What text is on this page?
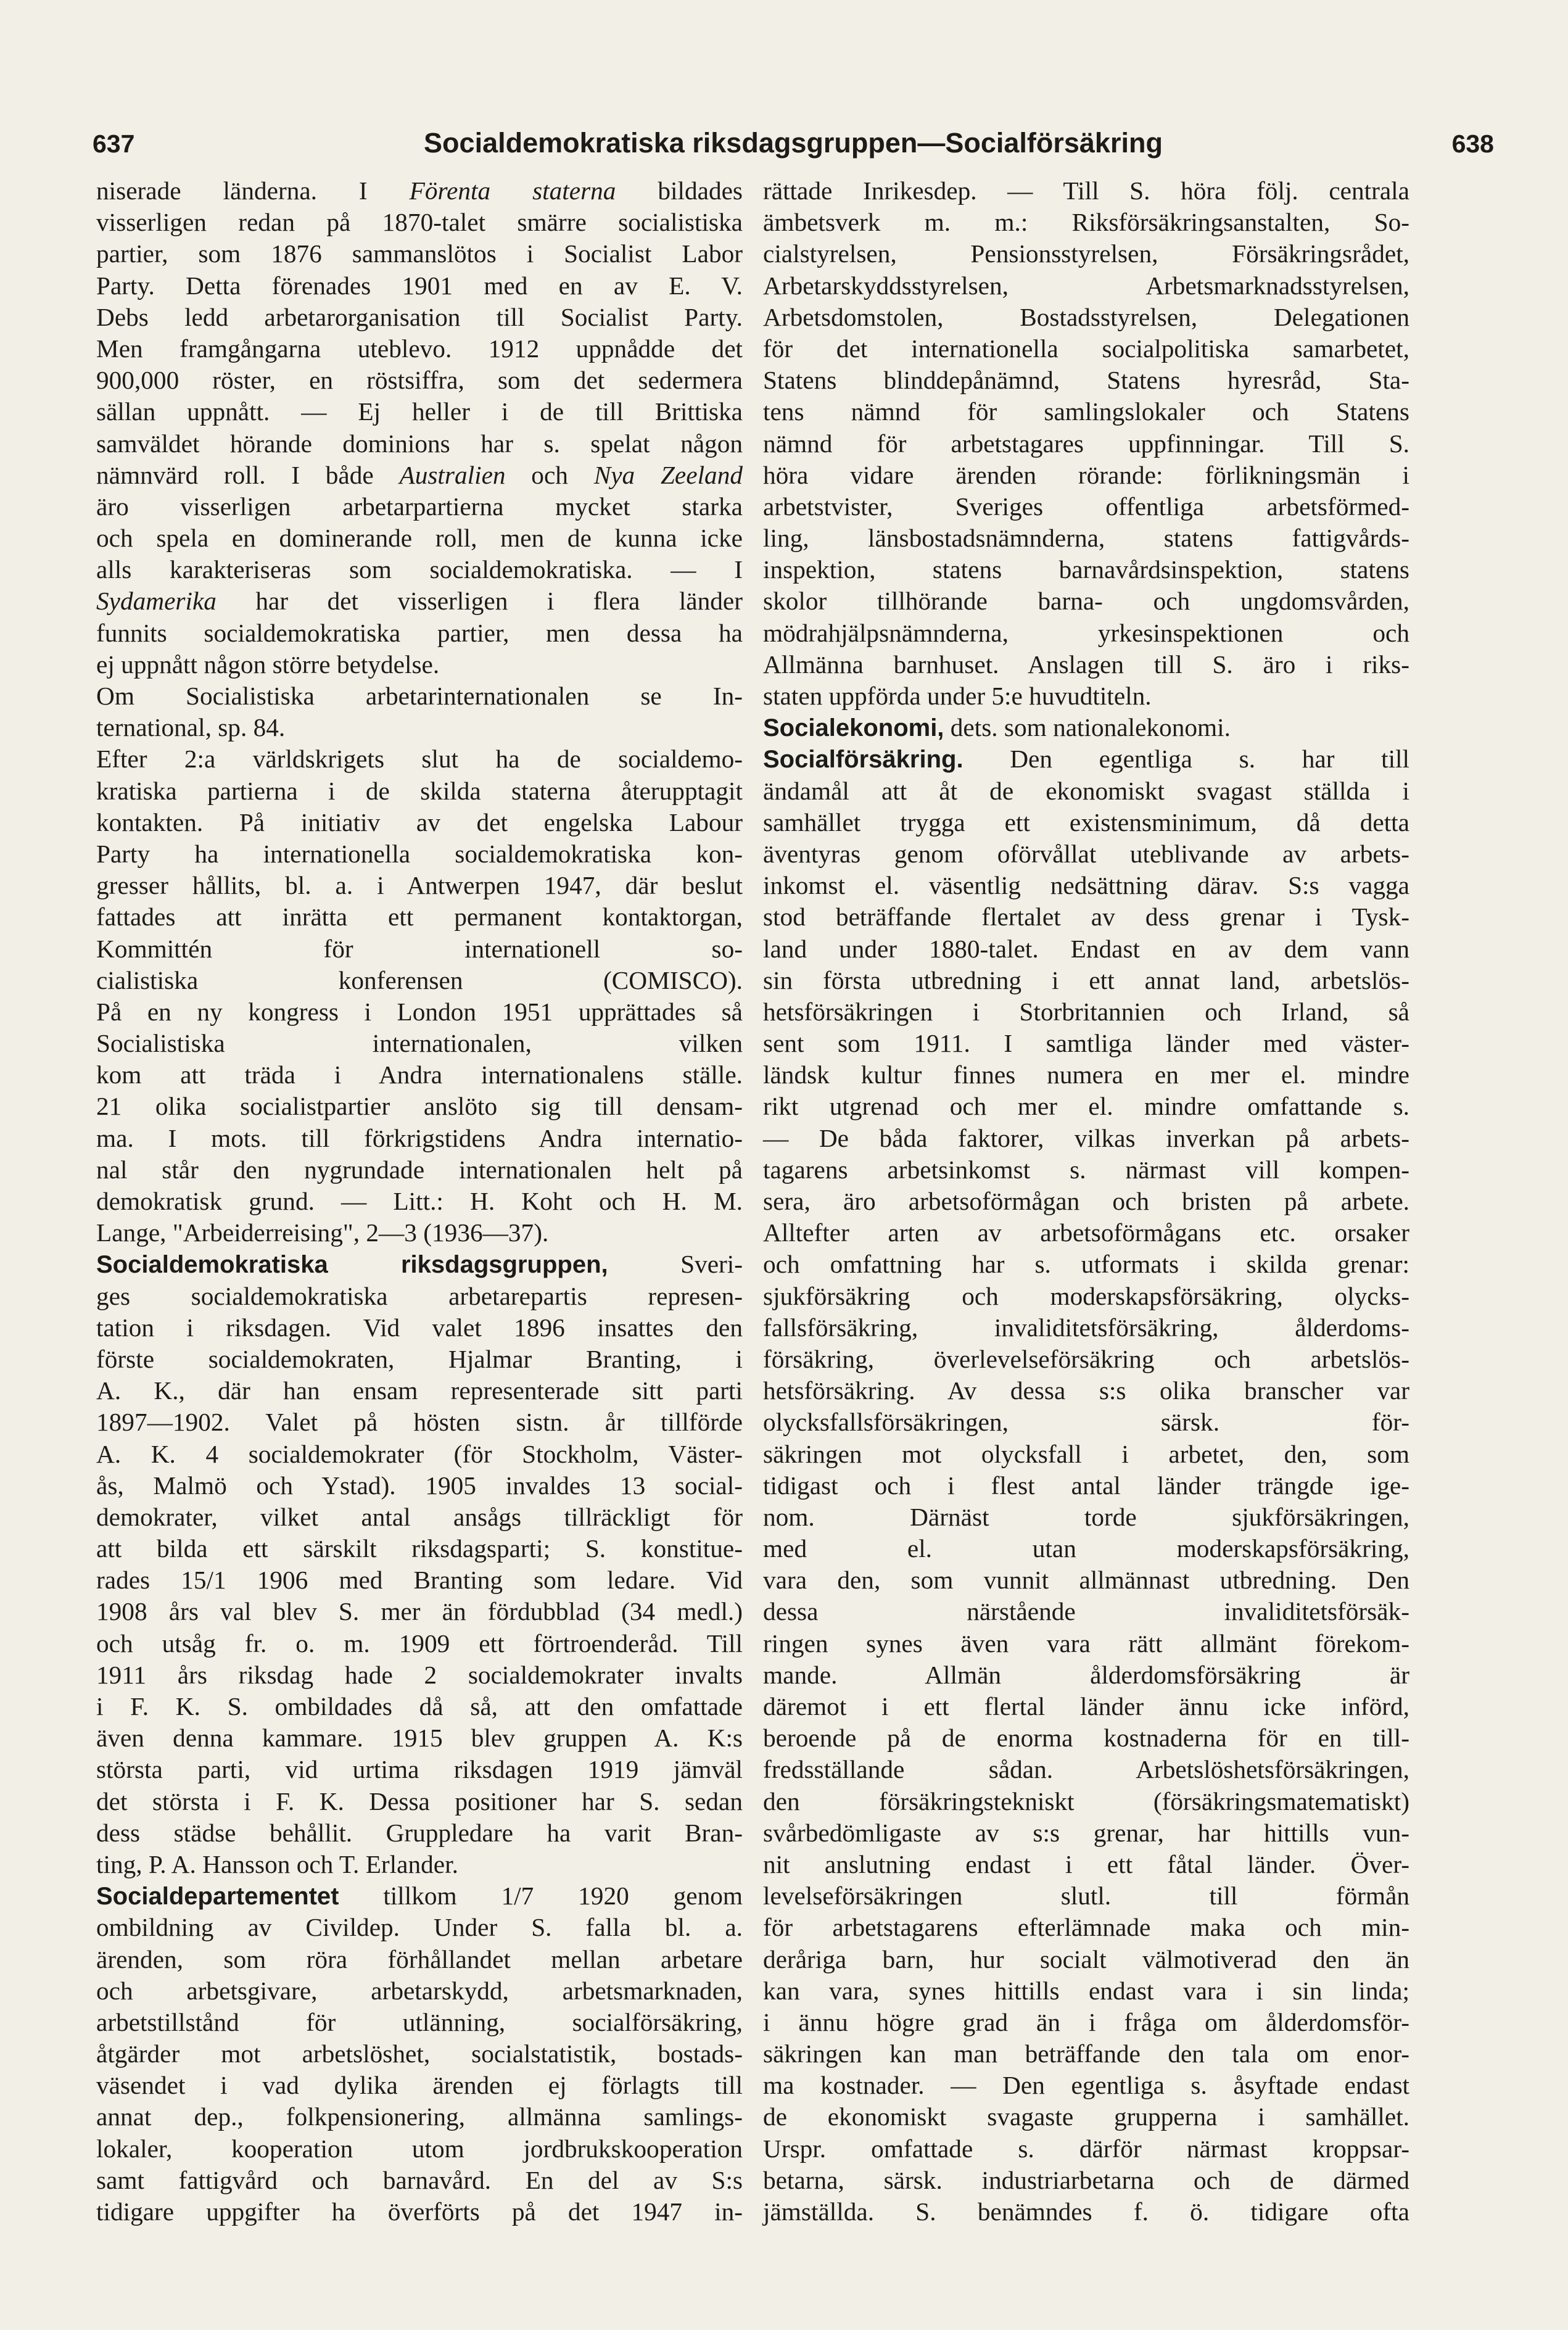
637	Socialdemokratiska riksdagsgruppen—Socialförsäkring	638
niserade länderna. I Förenta staterna bildades
visserligen redan på 1870-talet smärre socialistiska
partier, som 1876 sammanslötos i Socialist Labor
Party. Detta förenades 1901 med en av E. V.
Debs ledd arbetarorganisation till Socialist Party.
Men framgångarna uteblevo. 1912 uppnådde det
900,000 röster, en röstsiffra, som det sedermera
sällan uppnått. — Ej heller i de till Brittiska
samväldet hörande dominions har s. spelat någon
nämnvärd roll. I både Australien och Nya Zeeland
äro visserligen arbetarpartierna mycket starka
och spela en dominerande roll, men de kunna icke
alls karakteriseras som socialdemokratiska. — I
Sydamerika har det visserligen i flera länder
funnits socialdemokratiska partier, men dessa ha
ej uppnått någon större betydelse.
Om Socialistiska arbetarinternationalen se In-
ternational, sp. 84.
Efter 2:a världskrigets slut ha de socialdemo-
kratiska partierna i de skilda staterna återupptagit
kontakten. På initiativ av det engelska Labour
Party ha internationella socialdemokratiska kon-
gresser hållits, bl. a. i Antwerpen 1947, där beslut
fattades att inrätta ett permanent kontaktorgan,
Kommittén för internationell so-
cialistiska konferensen (COMISCO).
På en ny kongress i London 1951 upprättades så
Socialistiska internationalen, vilken
kom att träda i Andra internationalens ställe.
21 olika socialistpartier anslöto sig till densam-
ma. I mots. till förkrigstidens Andra internatio-
nal står den nygrundade internationalen helt på
demokratisk grund. — Litt.: H. Koht och H. M.
Lange, "Arbeiderreising", 2—3 (1936—37).
Socialdemokratiska riksdagsgruppen, Sveri-
ges socialdemokratiska arbetarepartis represen-
tation i riksdagen. Vid valet 1896 insattes den
förste socialdemokraten, Hjalmar Branting, i
A. K., där han ensam representerade sitt parti
1897—1902. Valet på hösten sistn. år tillförde
A. K. 4 socialdemokrater (för Stockholm, Väster-
ås, Malmö och Ystad). 1905 invaldes 13 social-
demokrater, vilket antal ansågs tillräckligt för
att bilda ett särskilt riksdagsparti; S. konstitue-
rades 15/1 1906 med Branting som ledare. Vid
1908 års val blev S. mer än fördubblad (34 medl.)
och utsåg fr. o. m. 1909 ett förtroenderåd. Till
1911 års riksdag hade 2 socialdemokrater invalts
i F. K. S. ombildades då så, att den omfattade
även denna kammare. 1915 blev gruppen A. K:s
största parti, vid urtima riksdagen 1919 jämväl
det största i F. K. Dessa positioner har S. sedan
dess städse behållit. Gruppledare ha varit Bran-
ting, P. A. Hansson och T. Erlander.
Socialdepartementet tillkom 1/7 1920 genom
ombildning av Civildep. Under S. falla bl. a.
ärenden, som röra förhållandet mellan arbetare
och arbetsgivare, arbetarskydd, arbetsmarknaden,
arbetstillstånd för utlänning, socialförsäkring,
åtgärder mot arbetslöshet, socialstatistik, bostads-
väsendet i vad dylika ärenden ej förlagts till
annat dep., folkpensionering, allmänna samlings-
lokaler, kooperation utom jordbrukskooperation
samt fattigvård och barnavård. En del av S:s
tidigare uppgifter ha överförts på det 1947 in-
rättade Inrikesdep. — Till S. höra följ. centrala
ämbetsverk m. m.: Riksförsäkringsanstalten, So-
cialstyrelsen, Pensionsstyrelsen, Försäkringsrådet,
Arbetarskyddsstyrelsen, Arbetsmarknadsstyrelsen,
Arbetsdomstolen, Bostadsstyrelsen, Delegationen
för det internationella socialpolitiska samarbetet,
Statens blinddepånämnd, Statens hyresråd, Sta-
tens nämnd för samlingslokaler och Statens
nämnd för arbetstagares uppfinningar. Till S.
höra vidare ärenden rörande: förlikningsmän i
arbetstvister, Sveriges offentliga arbetsförmed-
ling, länsbostadsnämnderna, statens fattigvårds-
inspektion, statens barnavårdsinspektion, statens
skolor tillhörande barna- och ungdomsvården,
mödrahjälpsnämnderna, yrkesinspektionen och
Allmänna barnhuset. Anslagen till S. äro i riks-
staten uppförda under 5:e huvudtiteln.
Socialekonomi, dets. som nationalekonomi.
Socialförsäkring. Den egentliga s. har till
ändamål att åt de ekonomiskt svagast ställda i
samhället trygga ett existensminimum, då detta
äventyras genom oförvållat uteblivande av arbets-
inkomst el. väsentlig nedsättning därav. S:s vagga
stod beträffande flertalet av dess grenar i Tysk-
land under 1880-talet. Endast en av dem vann
sin första utbredning i ett annat land, arbetslös-
hetsförsäkringen i Storbritannien och Irland, så
sent som 1911. I samtliga länder med väster-
ländsk kultur finnes numera en mer el. mindre
rikt utgrenad och mer el. mindre omfattande s.
— De båda faktorer, vilkas inverkan på arbets-
tagarens arbetsinkomst s. närmast vill kompen-
sera, äro arbetsoförmågan och bristen på arbete.
Alltefter arten av arbetsoförmågans etc. orsaker
och omfattning har s. utformats i skilda grenar:
sjukförsäkring och moderskapsförsäkring, olycks-
fallsförsäkring, invaliditetsförsäkring, ålderdoms-
försäkring, överlevelseförsäkring och arbetslös-
hetsförsäkring. Av dessa s:s olika branscher var
olycksfallsförsäkringen, särsk. för-
säkringen mot olycksfall i arbetet, den, som
tidigast och i flest antal länder trängde ige-
nom. Därnäst torde sjukförsäkringen,
med el. utan moderskapsförsäkring,
vara den, som vunnit allmännast utbredning. Den
dessa närstående invaliditetsförsäk-
ringen synes även vara rätt allmänt förekom-
mande. Allmän ålderdomsförsäkring är
däremot i ett flertal länder ännu icke införd,
beroende på de enorma kostnaderna för en till-
fredsställande sådan. Arbetslöshetsförsäkringen,
den försäkringstekniskt (försäkringsmatematiskt)
svårbedömligaste av s:s grenar, har hittills vun-
nit anslutning endast i ett fåtal länder. Över-
levelseförsäkringen slutl. till förmån
för arbetstagarens efterlämnade maka och min-
deråriga barn, hur socialt välmotiverad den än
kan vara, synes hittills endast vara i sin linda;
i ännu högre grad än i fråga om ålderdomsför-
säkringen kan man beträffande den tala om enor-
ma kostnader. — Den egentliga s. åsyftade endast
de ekonomiskt svagaste grupperna i samhället.
Urspr. omfattade s. därför närmast kroppsar-
betarna, särsk. industriarbetarna och de därmed
jämställda. S. benämndes f. ö. tidigare ofta
